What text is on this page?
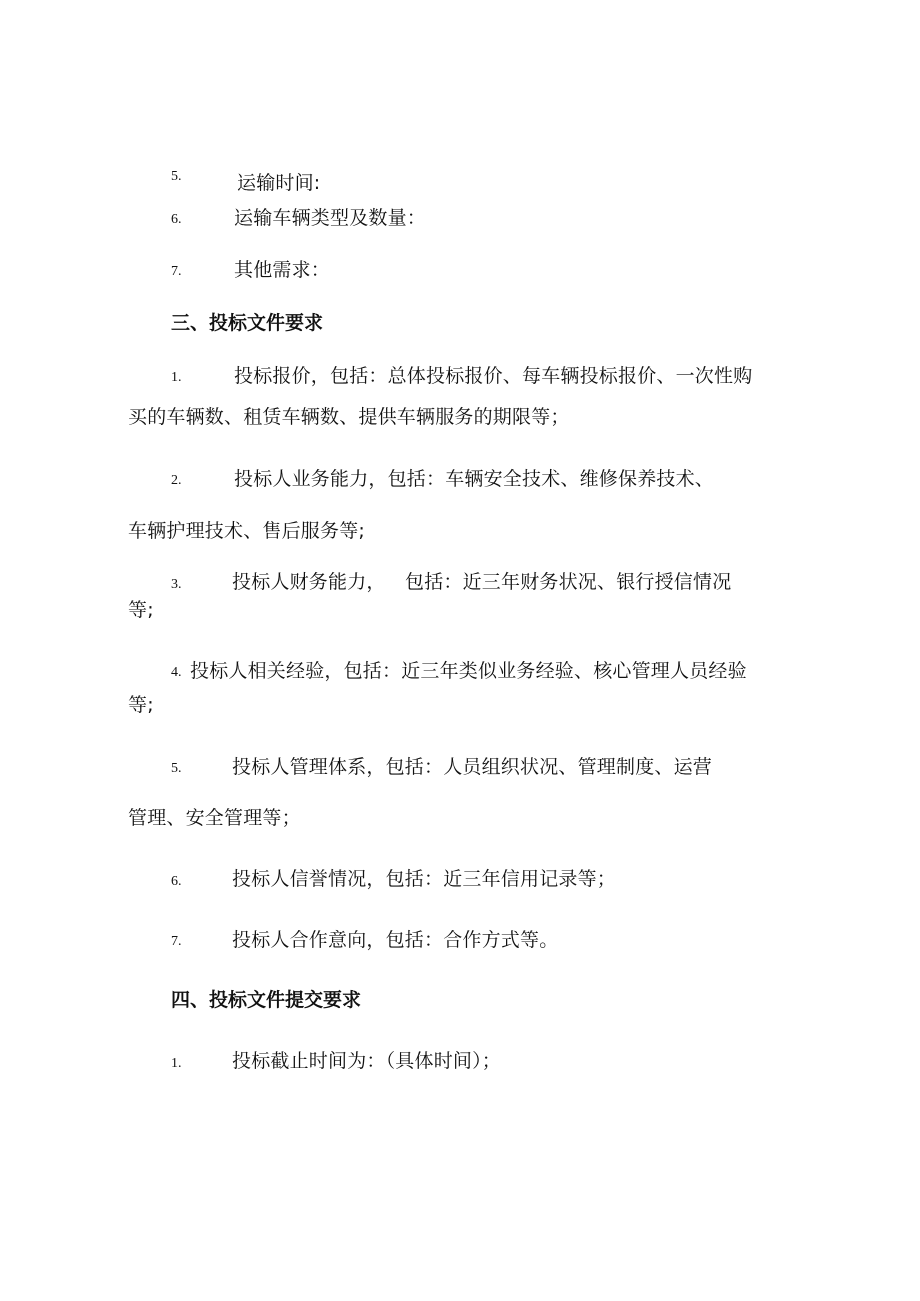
5.	运输时间:
6.	运输车辆类型及数量：
7.	其他需求：
三、投标文件要求
1.	投标报价，包括：总体投标报价、每车辆投标报价、一次性购
买的车辆数、租赁车辆数、提供车辆服务的期限等；
2.	投标人业务能力，包括：车辆安全技术、维修保养技术、
车辆护理技术、售后服务等;
3.	投标人财务能力， 包括：近三年财务状况、银行授信情况
等;
4. 投标人相关经验，包括：近三年类似业务经验、核心管理人员经验
等;
5.	投标人管理体系，包括：人员组织状况、管理制度、运营
管理、安全管理等；
6.	投标人信誉情况，包括：近三年信用记录等；
7.	投标人合作意向，包括：合作方式等。
四、投标文件提交要求
1.	投标截止时间为：（具体时间）；
